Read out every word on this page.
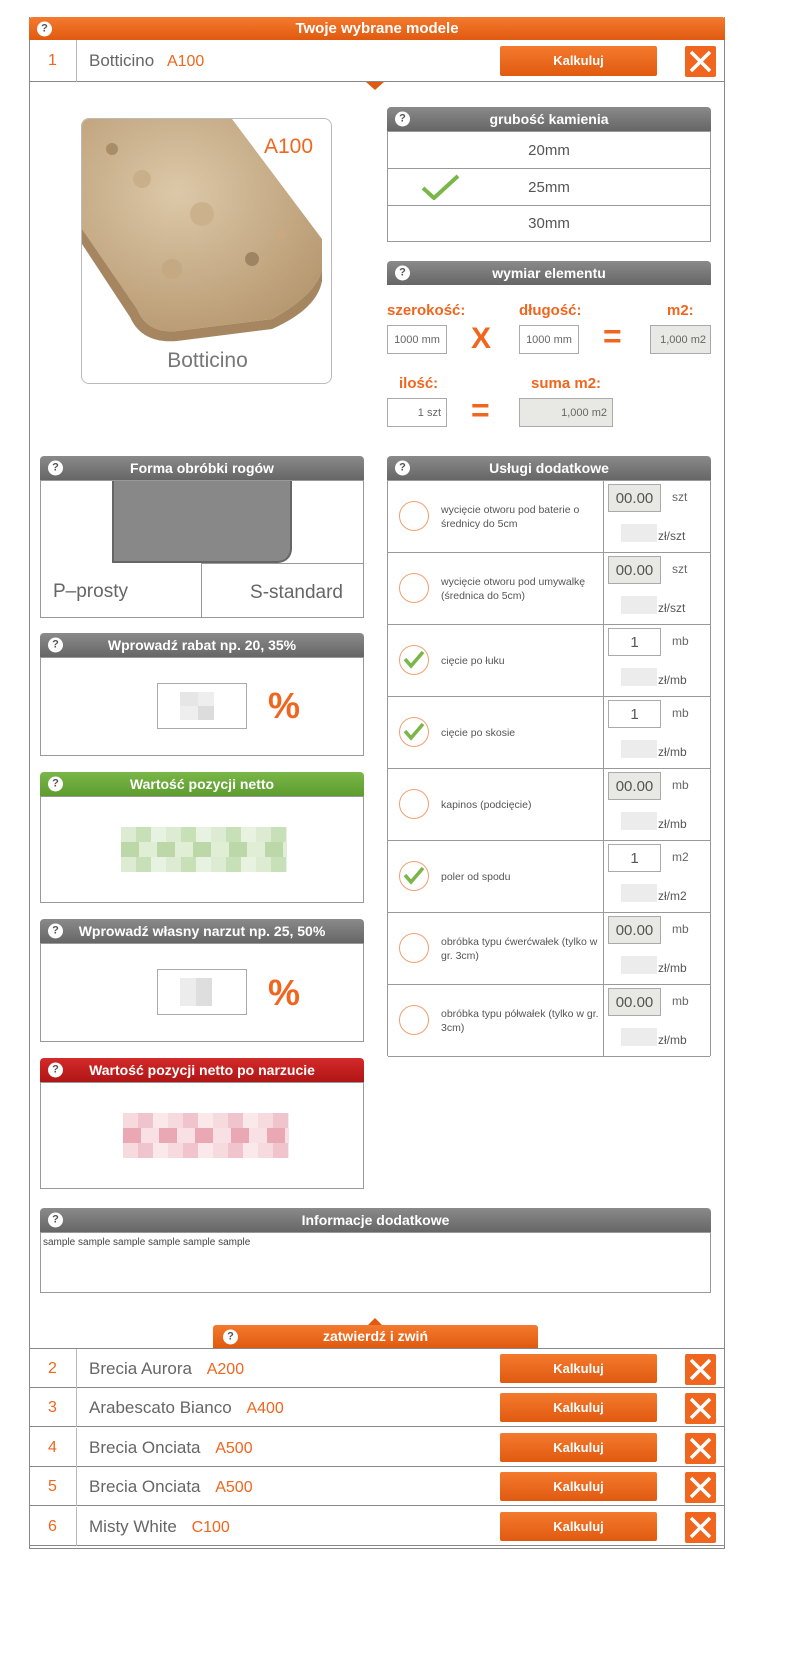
?	Twoje wybrane modele
1	Botticino A100	Kalkuluj
A100
Botticino
?	grubość kamienia
20mm
25mm
30mm
?	wymiar elementu
szerokość:	długość:	m2:
1000 mm X	1000 mm =	1,000 m2
ilość:	suma m2:
1 szt =	1,000 m2
?	Forma obróbki rogów
P–prosty	S-standard
?	Wprowadź rabat np. 20, 35%
%
?	Wartość pozycji netto
? Wprowadź własny narzut np. 25, 50%
%
? Wartość pozycji netto po narzucie
?	Usługi dodatkowe
wycięcie otworu pod baterie o średnicy do 5cm
00.00	szt
zł/szt
wycięcie otworu pod umywalkę (średnica do 5cm)
00.00	szt
zł/szt
cięcie po łuku
1	mb
zł/mb
cięcie po skosie
1	mb
zł/mb
kapinos (podcięcie)
00.00	mb
zł/mb
poler od spodu
1	m2
zł/m2
obróbka typu ćwerćwałek (tylko w gr. 3cm)
00.00	mb
zł/mb
obróbka typu półwałek (tylko w gr. 3cm)
00.00	mb
zł/mb
?	Informacje dodatkowe
sample sample sample sample sample sample
?	zatwierdź i zwiń
2	Brecia Aurora A200	Kalkuluj
3	Arabescato Bianco A400	Kalkuluj
4	Brecia Onciata A500	Kalkuluj
5	Brecia Onciata A500	Kalkuluj
6	Misty White C100	Kalkuluj
